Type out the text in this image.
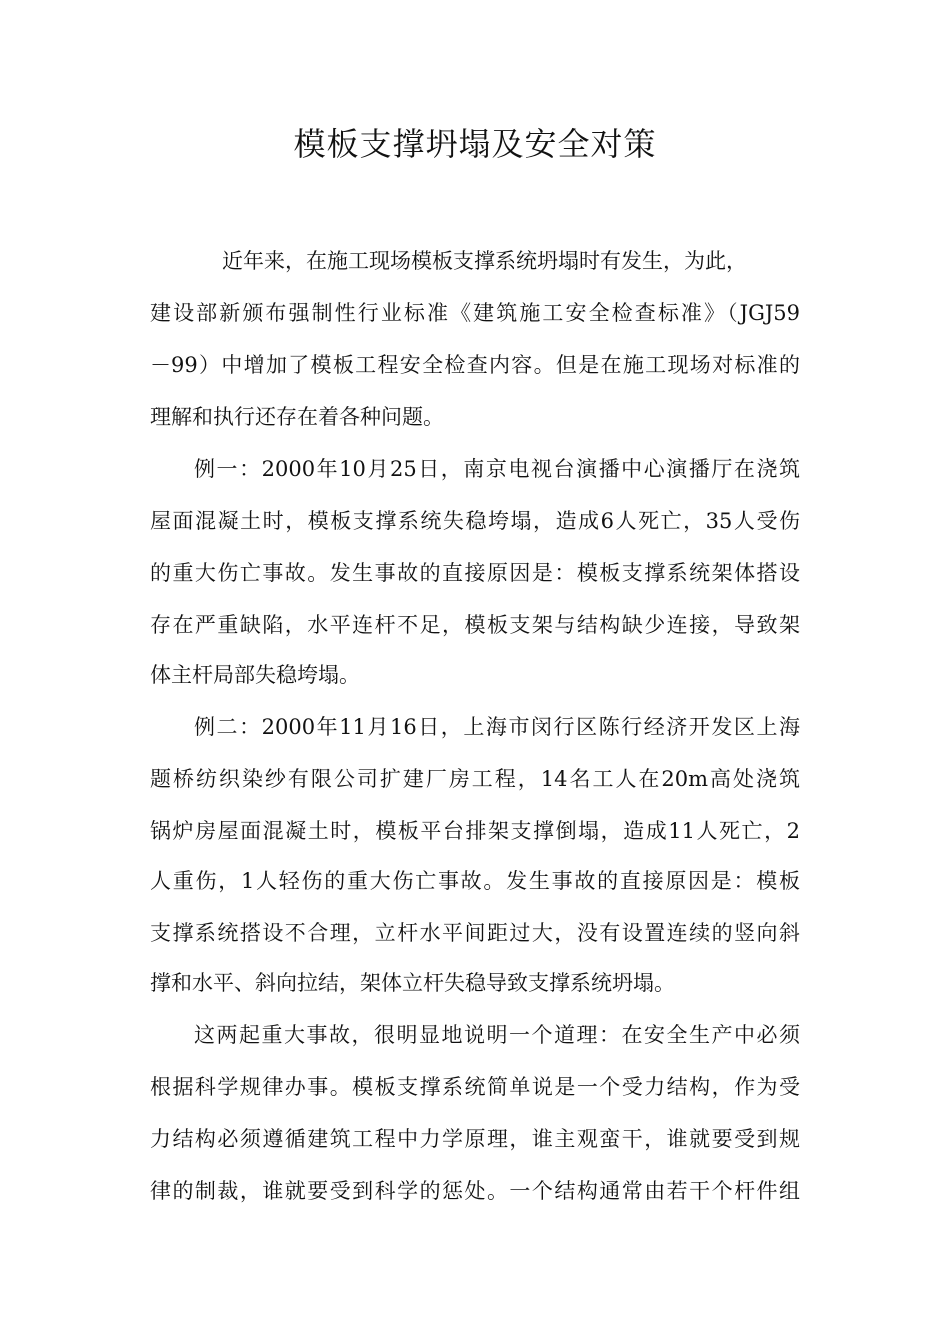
模板支撑坍塌及安全对策

近年来，在施工现场模板支撑系统坍塌时有发生，为此，

建设部新颁布强制性行业标准《建筑施工安全检查标准》（JGJ59

－99）中增加了模板工程安全检查内容。但是在施工现场对标准的

理解和执行还存在着各种问题。

例一：2000年10月25日，南京电视台演播中心演播厅在浇筑

屋面混凝土时，模板支撑系统失稳垮塌，造成6人死亡，35人受伤

的重大伤亡事故。发生事故的直接原因是：模板支撑系统架体搭设

存在严重缺陷，水平连杆不足，模板支架与结构缺少连接，导致架

体主杆局部失稳垮塌。

例二：2000年11月16日，上海市闵行区陈行经济开发区上海

题桥纺织染纱有限公司扩建厂房工程，14名工人在20m高处浇筑

锅炉房屋面混凝土时，模板平台排架支撑倒塌，造成11人死亡，2

人重伤，1人轻伤的重大伤亡事故。发生事故的直接原因是：模板

支撑系统搭设不合理，立杆水平间距过大，没有设置连续的竖向斜

撑和水平、斜向拉结，架体立杆失稳导致支撑系统坍塌。

这两起重大事故，很明显地说明一个道理：在安全生产中必须

根据科学规律办事。模板支撑系统简单说是一个受力结构，作为受

力结构必须遵循建筑工程中力学原理，谁主观蛮干，谁就要受到规

律的制裁，谁就要受到科学的惩处。一个结构通常由若干个杆件组
